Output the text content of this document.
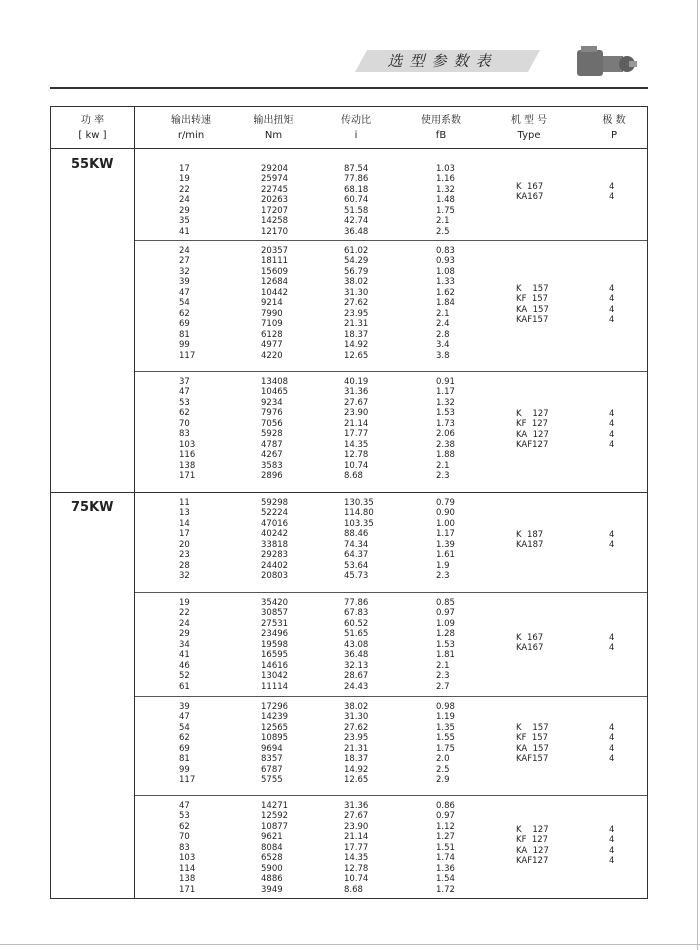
选型参数表
功 率
[ kw ]
输出转速
r/min
输出扭矩
Nm
传动比
i
使用系数
fB
机 型 号
Type
极 数
P
55KW	17	29204	87.54	1.03
19	25974	77.86	1.16
22	22745	68.18	1.32
24	20263	60.74	1.48
29	17207	51.58	1.75
35	14258	42.74	2.1
41	12170	36.48	2.5
K  167	4
KA167	4
24	20357	61.02	0.83
27	18111	54.29	0.93
32	15609	56.79	1.08
39	12684	38.02	1.33
47	10442	31.30	1.62
54	9214	27.62	1.84
62	7990	23.95	2.1
69	7109	21.31	2.4
81	6128	18.37	2.8
99	4977	14.92	3.4
117	4220	12.65	3.8
K    157	4
KF  157	4
KA  157	4
KAF157	4
37	13408	40.19	0.91
47	10465	31.36	1.17
53	9234	27.67	1.32
62	7976	23.90	1.53
70	7056	21.14	1.73
83	5928	17.77	2.06
103	4787	14.35	2.38
116	4267	12.78	1.88
138	3583	10.74	2.1
171	2896	8.68	2.3
K    127	4
KF  127	4
KA  127	4
KAF127	4
75KW	11	59298	130.35	0.79
13	52224	114.80	0.90
14	47016	103.35	1.00
17	40242	88.46	1.17
20	33818	74.34	1.39
23	29283	64.37	1.61
28	24402	53.64	1.9
32	20803	45.73	2.3
K  187	4
KA187	4
19	35420	77.86	0.85
22	30857	67.83	0.97
24	27531	60.52	1.09
29	23496	51.65	1.28
34	19598	43.08	1.53
41	16595	36.48	1.81
46	14616	32.13	2.1
52	13042	28.67	2.3
61	11114	24.43	2.7
K  167	4
KA167	4
39	17296	38.02	0.98
47	14239	31.30	1.19
54	12565	27.62	1.35
62	10895	23.95	1.55
69	9694	21.31	1.75
81	8357	18.37	2.0
99	6787	14.92	2.5
117	5755	12.65	2.9
K    157	4
KF  157	4
KA  157	4
KAF157	4
47	14271	31.36	0.86
53	12592	27.67	0.97
62	10877	23.90	1.12
70	9621	21.14	1.27
83	8084	17.77	1.51
103	6528	14.35	1.74
114	5900	12.78	1.36
138	4886	10.74	1.54
171	3949	8.68	1.72
K    127	4
KF  127	4
KA  127	4
KAF127	4
